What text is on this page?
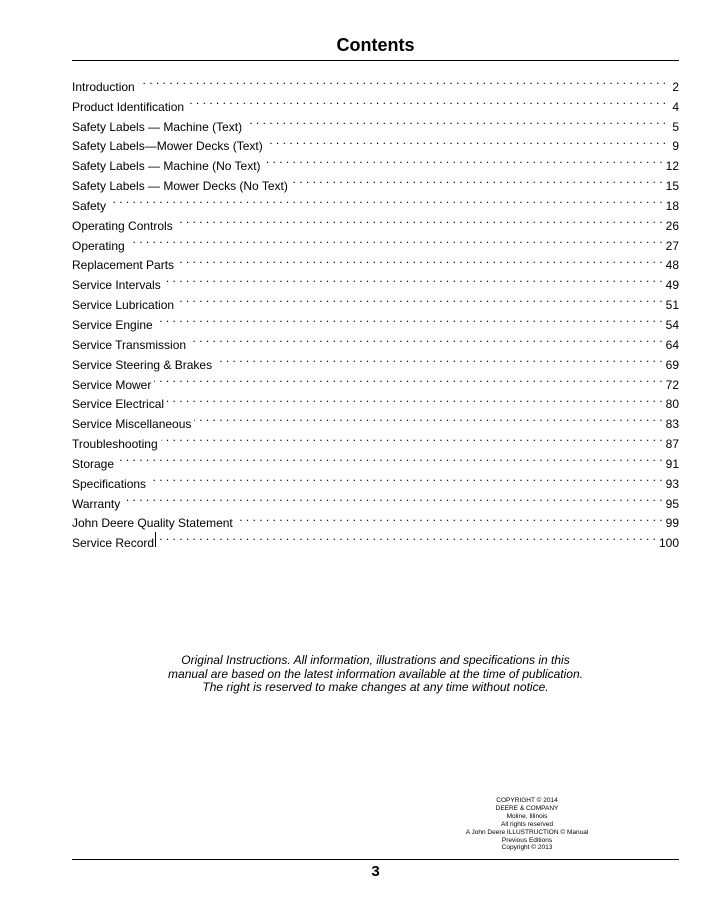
Contents
Introduction . . .	2
Product Identification . . .	4
Safety Labels — Machine (Text) . . .	5
Safety Labels—Mower Decks (Text) . . .	9
Safety Labels — Machine (No Text) . . .	12
Safety Labels — Mower Decks (No Text) . . .	15
Safety . . .	18
Operating Controls . . .	26
Operating . . .	27
Replacement Parts . . .	48
Service Intervals . . .	49
Service Lubrication . . .	51
Service Engine . . .	54
Service Transmission . . .	64
Service Steering & Brakes . . .	69
Service Mower . . .	72
Service Electrical . . .	80
Service Miscellaneous . . .	83
Troubleshooting . . .	87
Storage . . .	91
Specifications . . .	93
Warranty . . .	95
John Deere Quality Statement . . .	99
Service Record . . .	100
Original Instructions. All information, illustrations and specifications in this
manual are based on the latest information available at the time of publication.
The right is reserved to make changes at any time without notice.
COPYRIGHT © 2014
DEERE & COMPANY
Moline, Illinois
All rights reserved
A John Deere ILLUSTRUCTION © Manual
Previous Editions
Copyright © 2013
3
